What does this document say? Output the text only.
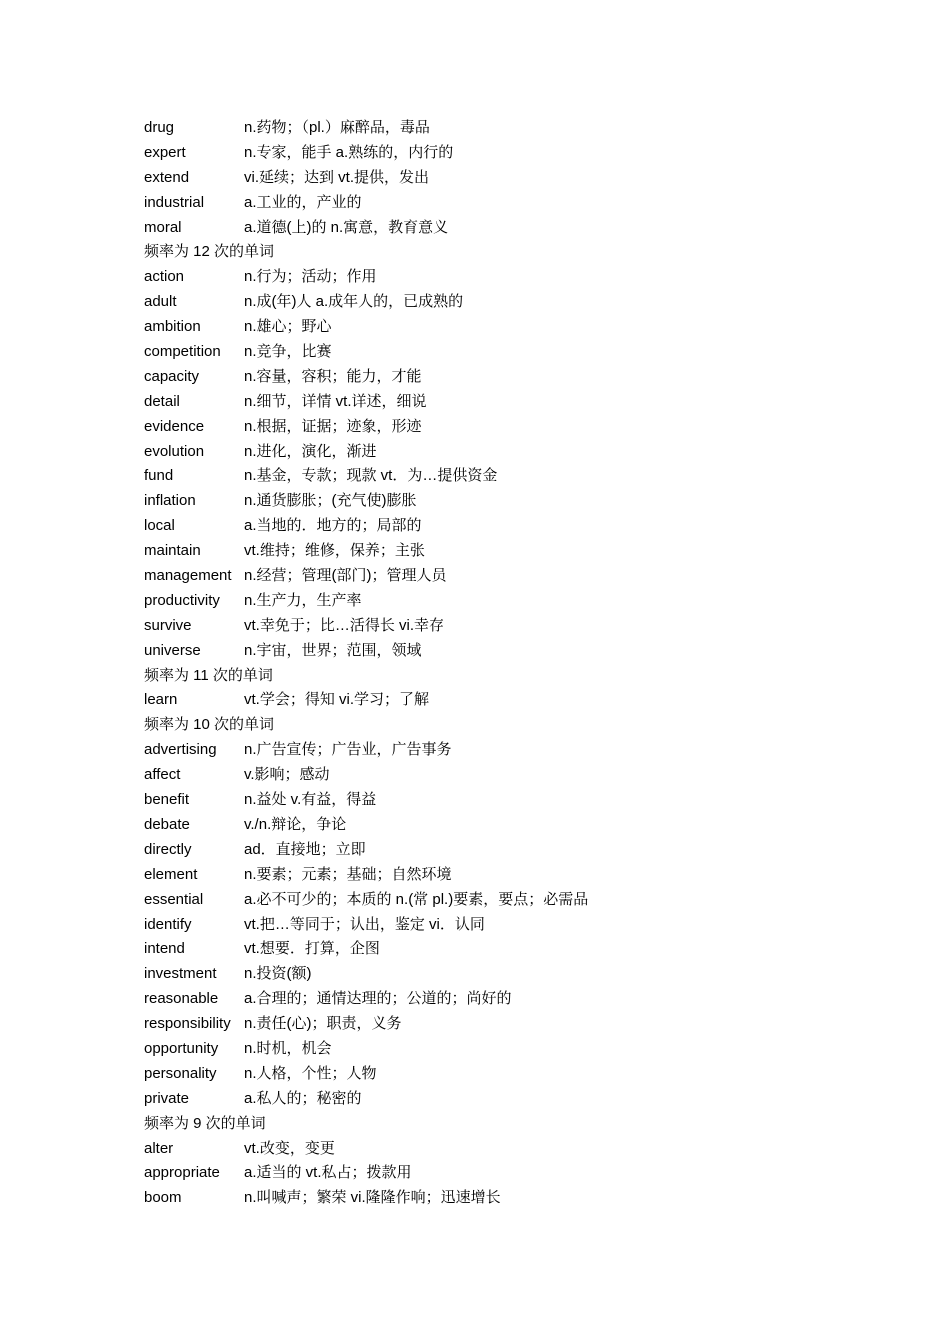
drug	n.药物；（pl.）麻醉品，毒品
expert	n.专家，能手 a.熟练的，内行的
extend	vi.延续；达到 vt.提供，发出
industrial	a.工业的，产业的
moral	a.道德(上)的 n.寓意，教育意义
频率为 12 次的单词
action	n.行为；活动；作用
adult	n.成(年)人 a.成年人的，已成熟的
ambition	n.雄心；野心
competition n.竞争，比赛
capacity	n.容量，容积；能力，才能
detail	n.细节，详情 vt.详述，细说
evidence	n.根据，证据；迹象，形迹
evolution	n.进化，演化，渐进
fund	n.基金，专款；现款 vt．为…提供资金
inflation	n.通货膨胀；(充气使)膨胀
local	a.当地的．地方的；局部的
maintain	vt.维持；维修，保养；主张
management n.经营；管理(部门)；管理人员
productivity n.生产力，生产率
survive	vt.幸免于；比…活得长 vi.幸存
universe	n.宇宙，世界；范围，领域
频率为 11 次的单词
learn	vt.学会；得知 vi.学习；了解
频率为 10 次的单词
advertising n.广告宣传；广告业，广告事务
affect	v.影响；感动
benefit	n.益处 v.有益，得益
debate	v./n.辩论，争论
directly	ad．直接地；立即
element	n.要素；元素；基础；自然环境
essential	a.必不可少的；本质的 n.(常 pl.)要素，要点；必需品
identify	vt.把…等同于；认出，鉴定 vi．认同
intend	vt.想要．打算，企图
investment n.投资(额)
reasonable a.合理的；通情达理的；公道的；尚好的
responsibility n.责任(心)；职责，义务
opportunity n.时机，机会
personality n.人格，个性；人物
private	a.私人的；秘密的
频率为 9 次的单词
alter	vt.改变，变更
appropriate a.适当的 vt.私占；拨款用
boom	n.叫喊声；繁荣 vi.隆隆作响；迅速增长
